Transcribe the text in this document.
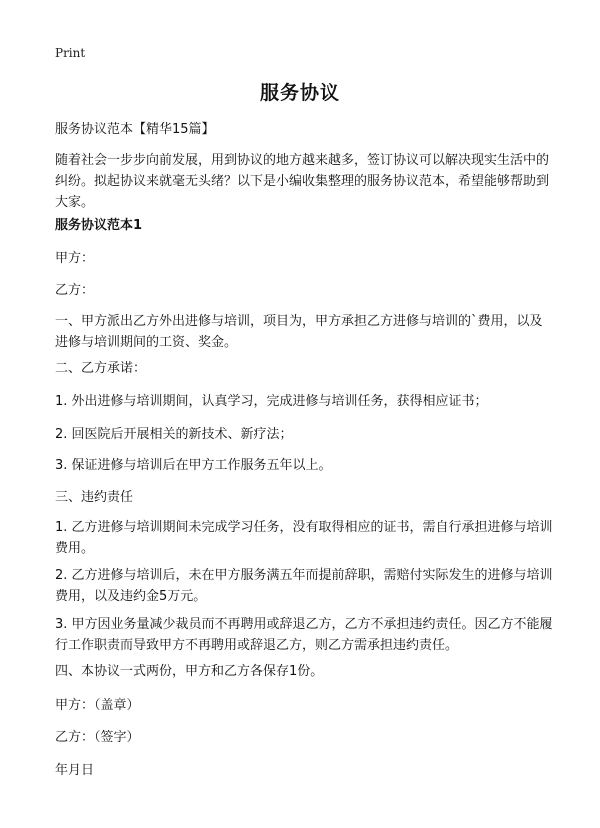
Print
服务协议

服务协议范本【精华15篇】

随着社会一步步向前发展，用到协议的地方越来越多，签订协议可以解决现实生活中的纠纷。拟起协议来就毫无头绪？以下是小编收集整理的服务协议范本，希望能够帮助到大家。

服务协议范本1

甲方：

乙方：

一、甲方派出乙方外出进修与培训，项目为，甲方承担乙方进修与培训的`费用，以及进修与培训期间的工资、奖金。

二、乙方承诺：

1. 外出进修与培训期间，认真学习，完成进修与培训任务，获得相应证书；

2. 回医院后开展相关的新技术、新疗法；

3. 保证进修与培训后在甲方工作服务五年以上。

三、违约责任

1. 乙方进修与培训期间未完成学习任务，没有取得相应的证书，需自行承担进修与培训费用。

2. 乙方进修与培训后，未在甲方服务满五年而提前辞职，需赔付实际发生的进修与培训费用，以及违约金5万元。

3. 甲方因业务量减少裁员而不再聘用或辞退乙方，乙方不承担违约责任。因乙方不能履行工作职责而导致甲方不再聘用或辞退乙方，则乙方需承担违约责任。

四、本协议一式两份，甲方和乙方各保存1份。

甲方：（盖章）

乙方：（签字）

年月日
